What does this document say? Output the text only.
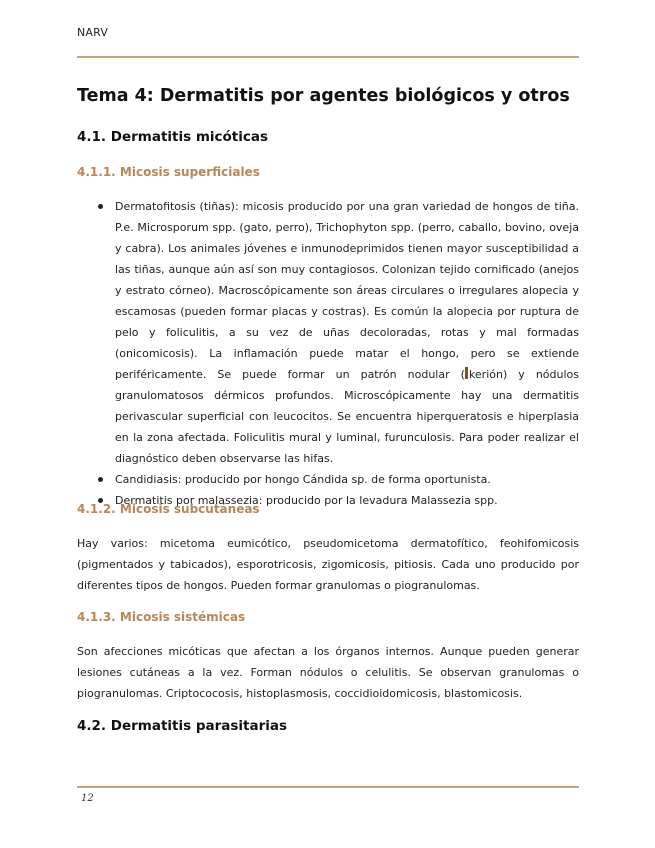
NARV
Tema 4: Dermatitis por agentes biológicos y otros
4.1. Dermatitis micóticas
4.1.1. Micosis superficiales
Dermatofitosis (tiñas): micosis producido por una gran variedad de hongos de tiña. P.e. Microsporum spp. (gato, perro), Trichophyton spp. (perro, caballo, bovino, oveja y cabra). Los animales jóvenes e inmunodeprimidos tienen mayor susceptibilidad a las tiñas, aunque aún así son muy contagiosos. Colonizan tejido cornificado (anejos y estrato córneo). Macroscópicamente son áreas circulares o irregulares alopecia y escamosas (pueden formar placas y costras). Es común la alopecia por ruptura de pelo y foliculitis, a su vez de uñas decoloradas, rotas y mal formadas (onicomicosis). La inflamación puede matar el hongo, pero se extiende periféricamente. Se puede formar un patrón nodular ( kerión) y nódulos granulomatosos dérmicos profundos. Microscópicamente hay una dermatitis perivascular superficial con leucocitos. Se encuentra hiperqueratosis e hiperplasia en la zona afectada. Foliculitis mural y luminal, furunculosis. Para poder realizar el diagnóstico deben observarse las hifas.
Candidiasis: producido por hongo Cándida sp. de forma oportunista.
Dermatitis por malassezia: producido por la levadura Malassezia spp.
4.1.2. Micosis subcutáneas
Hay varios: micetoma eumicótico, pseudomicetoma dermatofítico, feohifomicosis (pigmentados y tabicados), esporotricosis, zigomicosis, pitiosis. Cada uno producido por diferentes tipos de hongos. Pueden formar granulomas o piogranulomas.
4.1.3. Micosis sistémicas
Son afecciones micóticas que afectan a los órganos internos. Aunque pueden generar lesiones cutáneas a la vez. Forman nódulos o celulitis. Se observan granulomas o piogranulomas. Criptococosis, histoplasmosis, coccidioidomicosis, blastomicosis.
4.2. Dermatitis parasitarias
12
